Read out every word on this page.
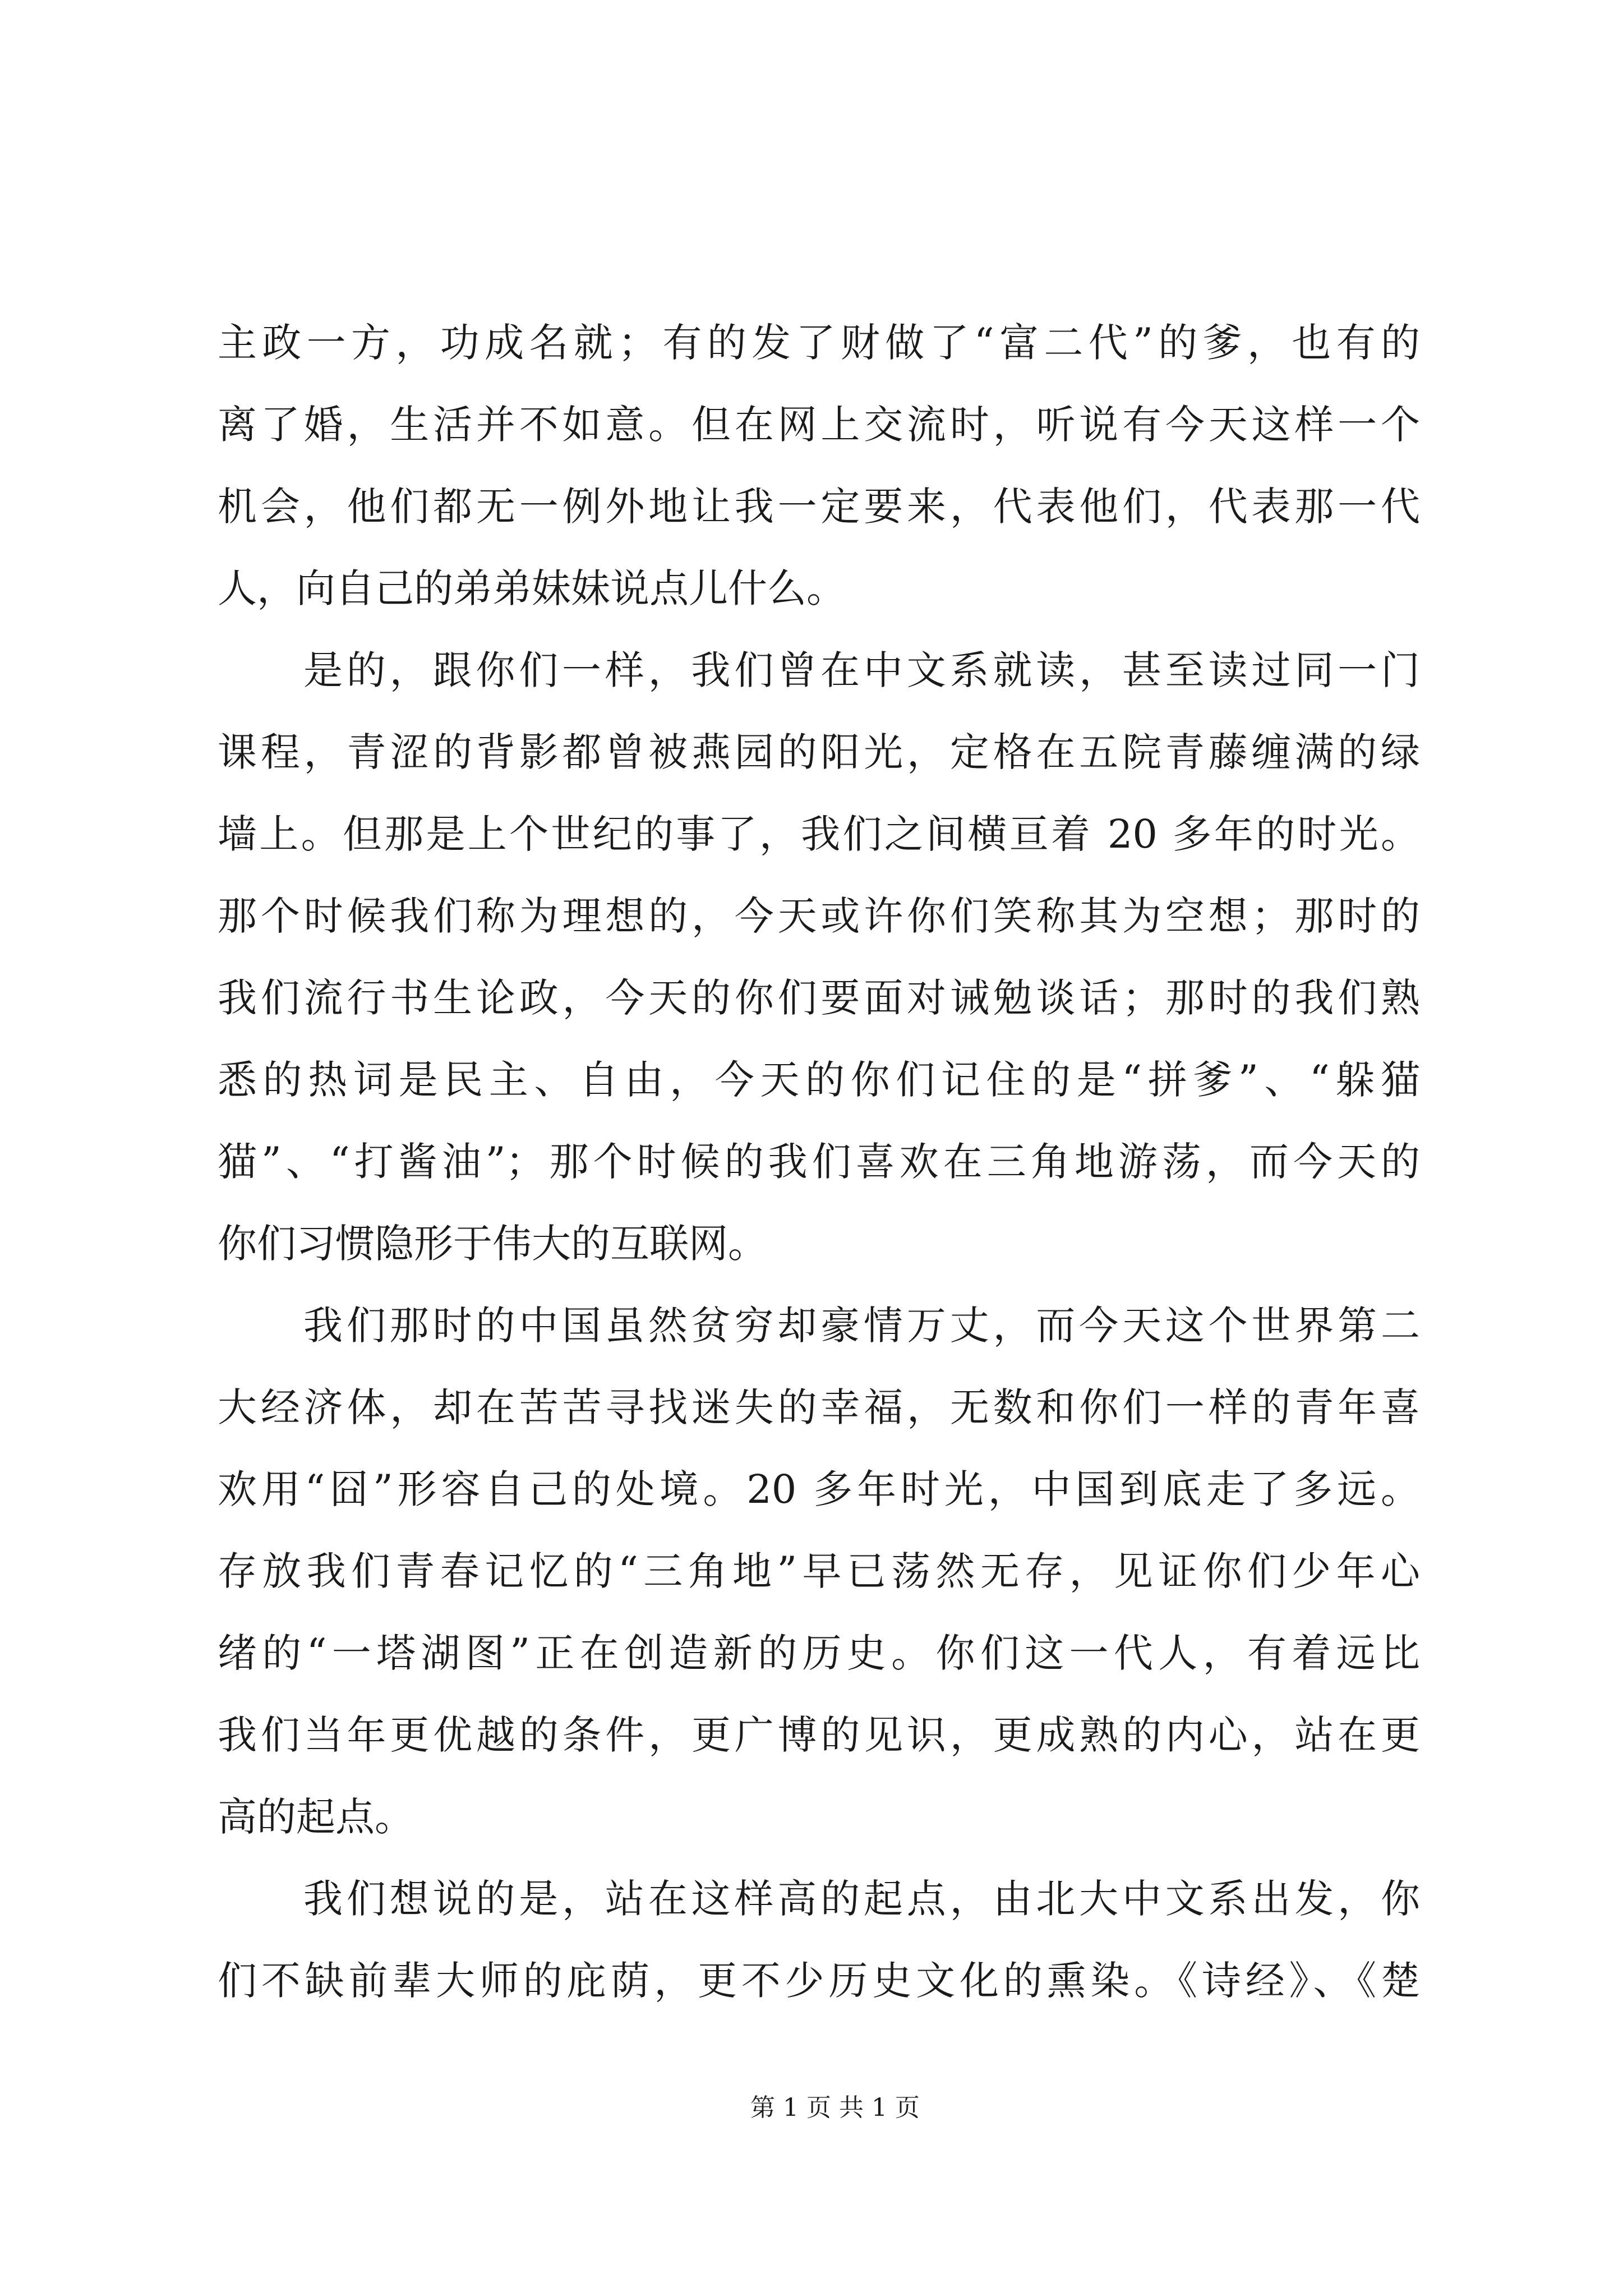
主政一方，功成名就；有的发了财做了“富二代”的爹，也有的
离了婚，生活并不如意。但在网上交流时，听说有今天这样一个
机会，他们都无一例外地让我一定要来，代表他们，代表那一代
人，向自己的弟弟妹妹说点儿什么。
是的，跟你们一样，我们曾在中文系就读，甚至读过同一门
课程，青涩的背影都曾被燕园的阳光，定格在五院青藤缠满的绿
墙上。但那是上个世纪的事了，我们之间横亘着 20 多年的时光。
那个时候我们称为理想的，今天或许你们笑称其为空想；那时的
我们流行书生论政，今天的你们要面对诫勉谈话；那时的我们熟
悉的热词是民主、自由，今天的你们记住的是“拼爹”、“躲猫
猫”、“打酱油”；那个时候的我们喜欢在三角地游荡，而今天的
你们习惯隐形于伟大的互联网。
我们那时的中国虽然贫穷却豪情万丈，而今天这个世界第二
大经济体，却在苦苦寻找迷失的幸福，无数和你们一样的青年喜
欢用“囧”形容自己的处境。20 多年时光，中国到底走了多远。
存放我们青春记忆的“三角地”早已荡然无存，见证你们少年心
绪的“一塔湖图”正在创造新的历史。你们这一代人，有着远比
我们当年更优越的条件，更广博的见识，更成熟的内心，站在更
高的起点。
我们想说的是，站在这样高的起点，由北大中文系出发，你
们不缺前辈大师的庇荫，更不少历史文化的熏染。《诗经》、《楚
第 1 页 共 1 页
